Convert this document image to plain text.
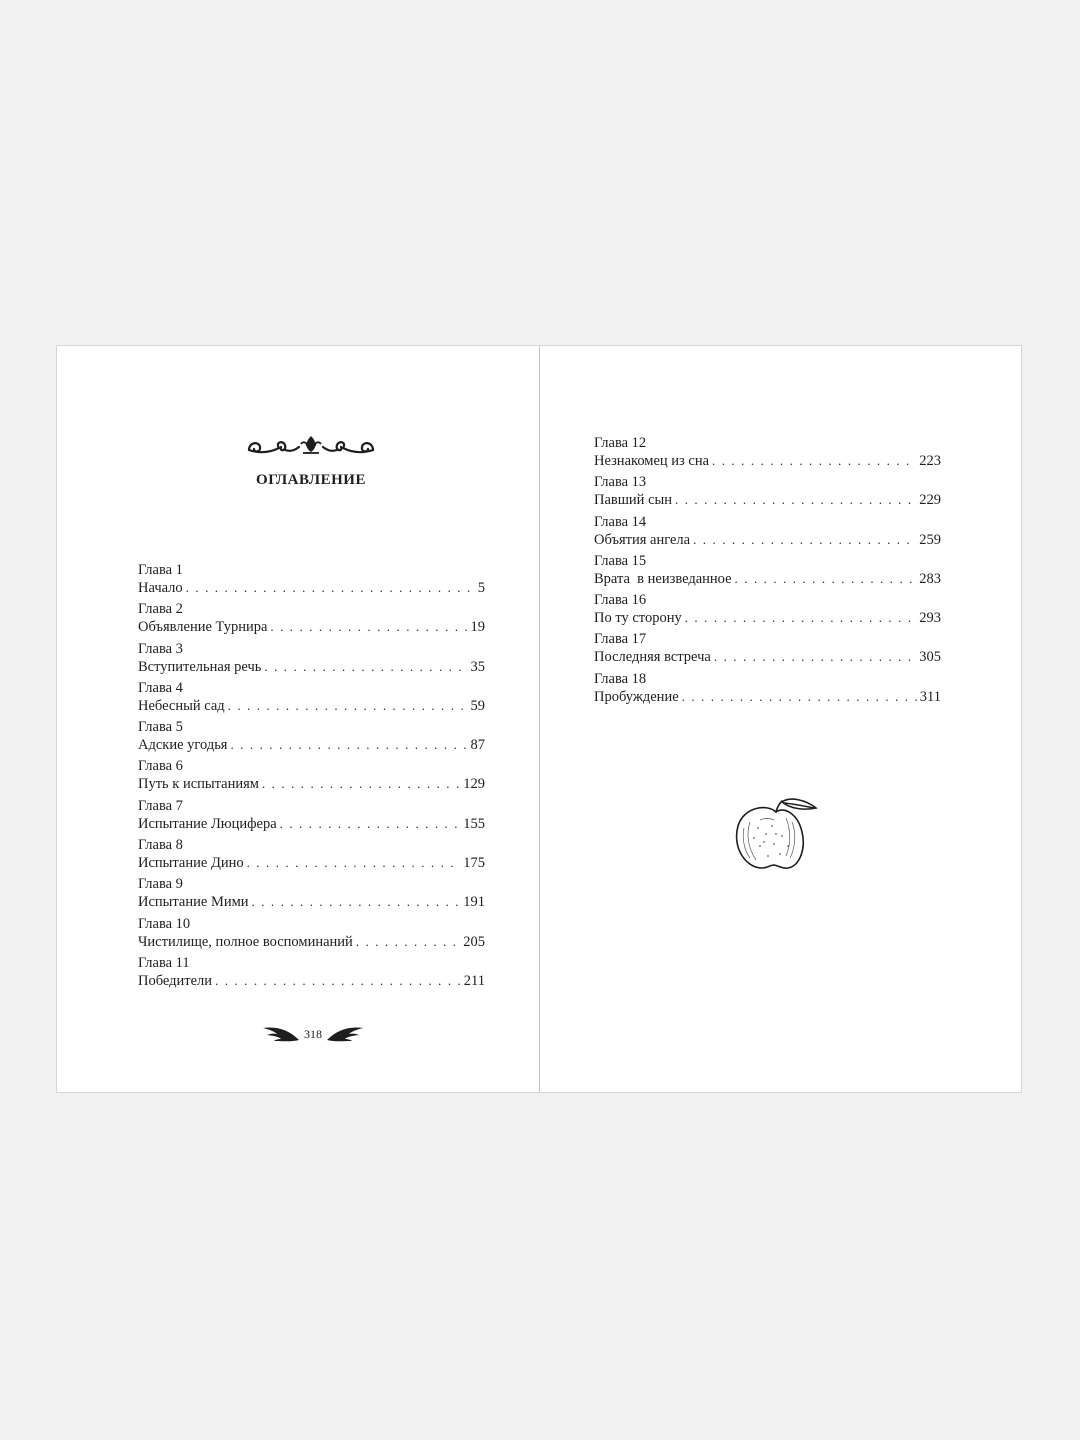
ОГЛАВЛЕНИЕ
Глава 1
Начало . . .	5
Глава 2
Объявление Турнира . . .	19
Глава 3
Вступительная речь . . .	35
Глава 4
Небесный сад . . .	59
Глава 5
Адские угодья . . .	87
Глава 6
Путь к испытаниям . . .	129
Глава 7
Испытание Люцифера . . .	155
Глава 8
Испытание Дино . . .	175
Глава 9
Испытание Мими . . .	191
Глава 10
Чистилище, полное воспоминаний . . .	205
Глава 11
Победители . . .	211
318
Глава 12
Незнакомец из сна . . .	223
Глава 13
Павший сын . . .	229
Глава 14
Объятия ангела . . .	259
Глава 15
Врата  в неизведанное . . .	283
Глава 16
По ту сторону . . .	293
Глава 17
Последняя встреча . . .	305
Глава 18
Пробуждение . . .	311
